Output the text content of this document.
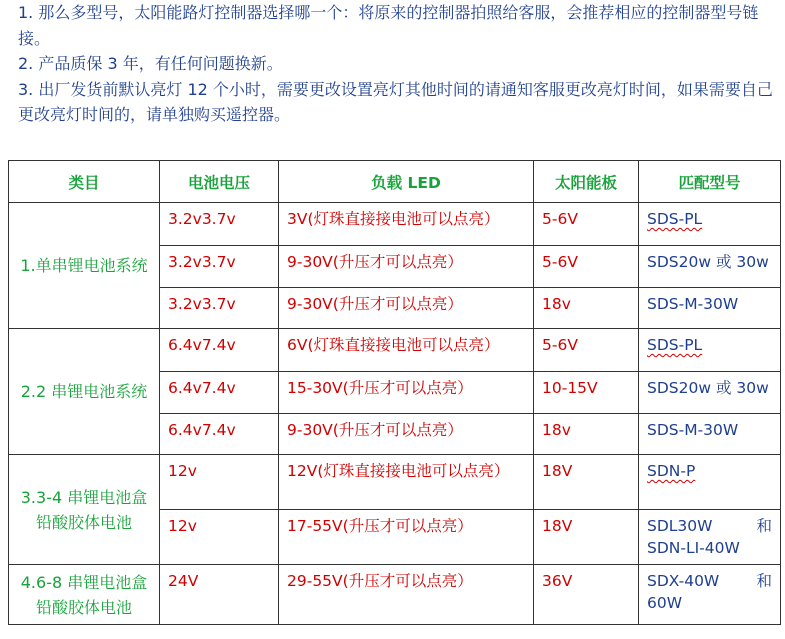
1. 那么多型号，太阳能路灯控制器选择哪一个：将原来的控制器拍照给客服，会推荐相应的控制器型号链接。

2. 产品质保 3 年，有任何问题换新。

3. 出厂发货前默认亮灯 12 个小时，需要更改设置亮灯其他时间的请通知客服更改亮灯时间，如果需要自己更改亮灯时间的，请单独购买遥控器。

类目	电池电压	负载 LED	太阳能板	匹配型号
1.单串锂电池系统	3.2v3.7v	3V(灯珠直接接电池可以点亮）	5-6V	SDS-PL
	3.2v3.7v	9-30V(升压才可以点亮）	5-6V	SDS20w 或 30w
	3.2v3.7v	9-30V(升压才可以点亮）	18v	SDS-M-30W
2.2 串锂电池系统	6.4v7.4v	6V(灯珠直接接电池可以点亮）	5-6V	SDS-PL
	6.4v7.4v	15-30V(升压才可以点亮）	10-15V	SDS20w 或 30w
	6.4v7.4v	9-30V(升压才可以点亮）	18v	SDS-M-30W
3.3-4 串锂电池盒铅酸胶体电池	12v	12V(灯珠直接接电池可以点亮）	18V	SDN-P
	12v	17-55V(升压才可以点亮）	18V	SDL30W 和
SDN-LI-40W

4.6-8 串锂电池盒铅酸胶体电池	24V	29-55V(升压才可以点亮）	36V	SDX-40W 和
60W
